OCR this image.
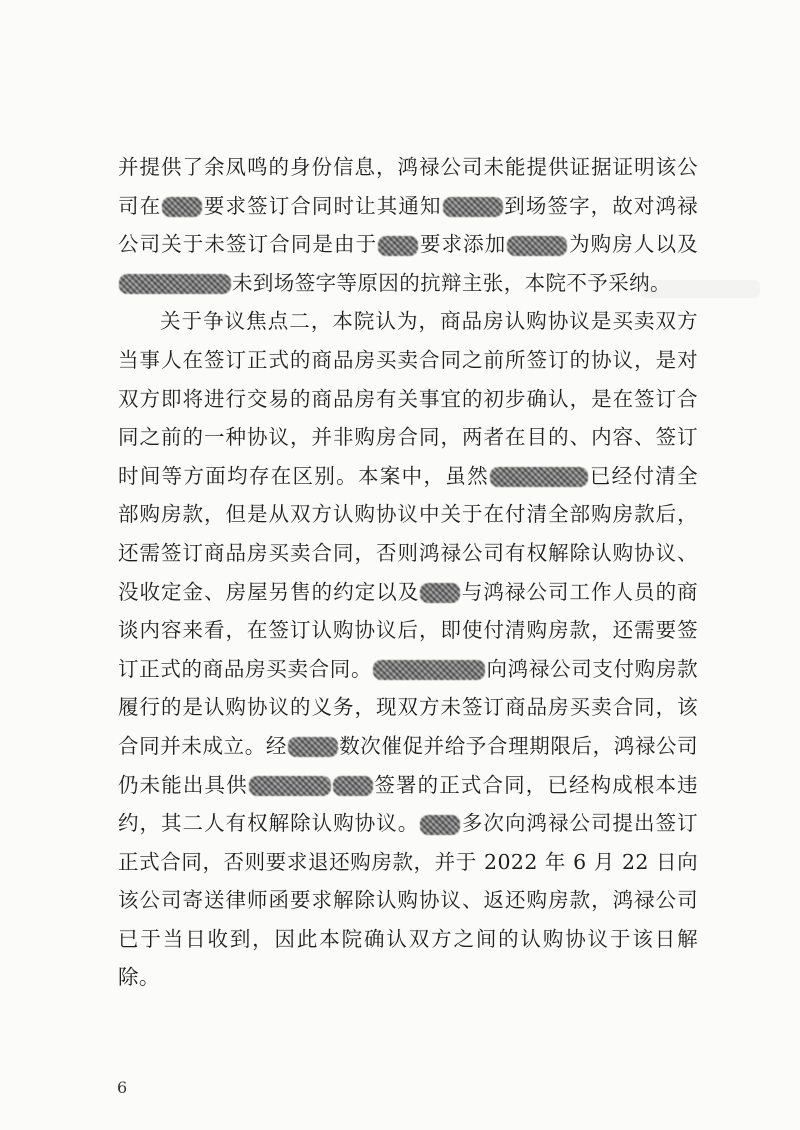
并提供了余凤鸣的身份信息，鸿禄公司未能提供证据证明该公司在 要求签订合同时让其通知	到场签字，故对鸿禄公司关于未签订合同是由于 要求添加	为购房人以及未到场签字等原因的抗辩主张，本院不予采纳。

关于争议焦点二，本院认为，商品房认购协议是买卖双方当事人在签订正式的商品房买卖合同之前所签订的协议，是对双方即将进行交易的商品房有关事宜的初步确认，是在签订合同之前的一种协议，并非购房合同，两者在目的、内容、签订时间等方面均存在区别。本案中，虽然	已经付清全部购房款，但是从双方认购协议中关于在付清全部购房款后，还需签订商品房买卖合同，否则鸿禄公司有权解除认购协议、没收定金、房屋另售的约定以及 与鸿禄公司工作人员的商谈内容来看，在签订认购协议后，即使付清购房款，还需要签订正式的商品房买卖合同。	向鸿禄公司支付购房款履行的是认购协议的义务，现双方未签订商品房买卖合同，该合同并未成立。经	数次催促并给予合理期限后，鸿禄公司仍未能出具供	签署的正式合同，已经构成根本违约，其二人有权解除认购协议。 多次向鸿禄公司提出签订正式合同，否则要求退还购房款，并于 2022 年 6 月 22 日向该公司寄送律师函要求解除认购协议、返还购房款，鸿禄公司已于当日收到，因此本院确认双方之间的认购协议于该日解除。

6
